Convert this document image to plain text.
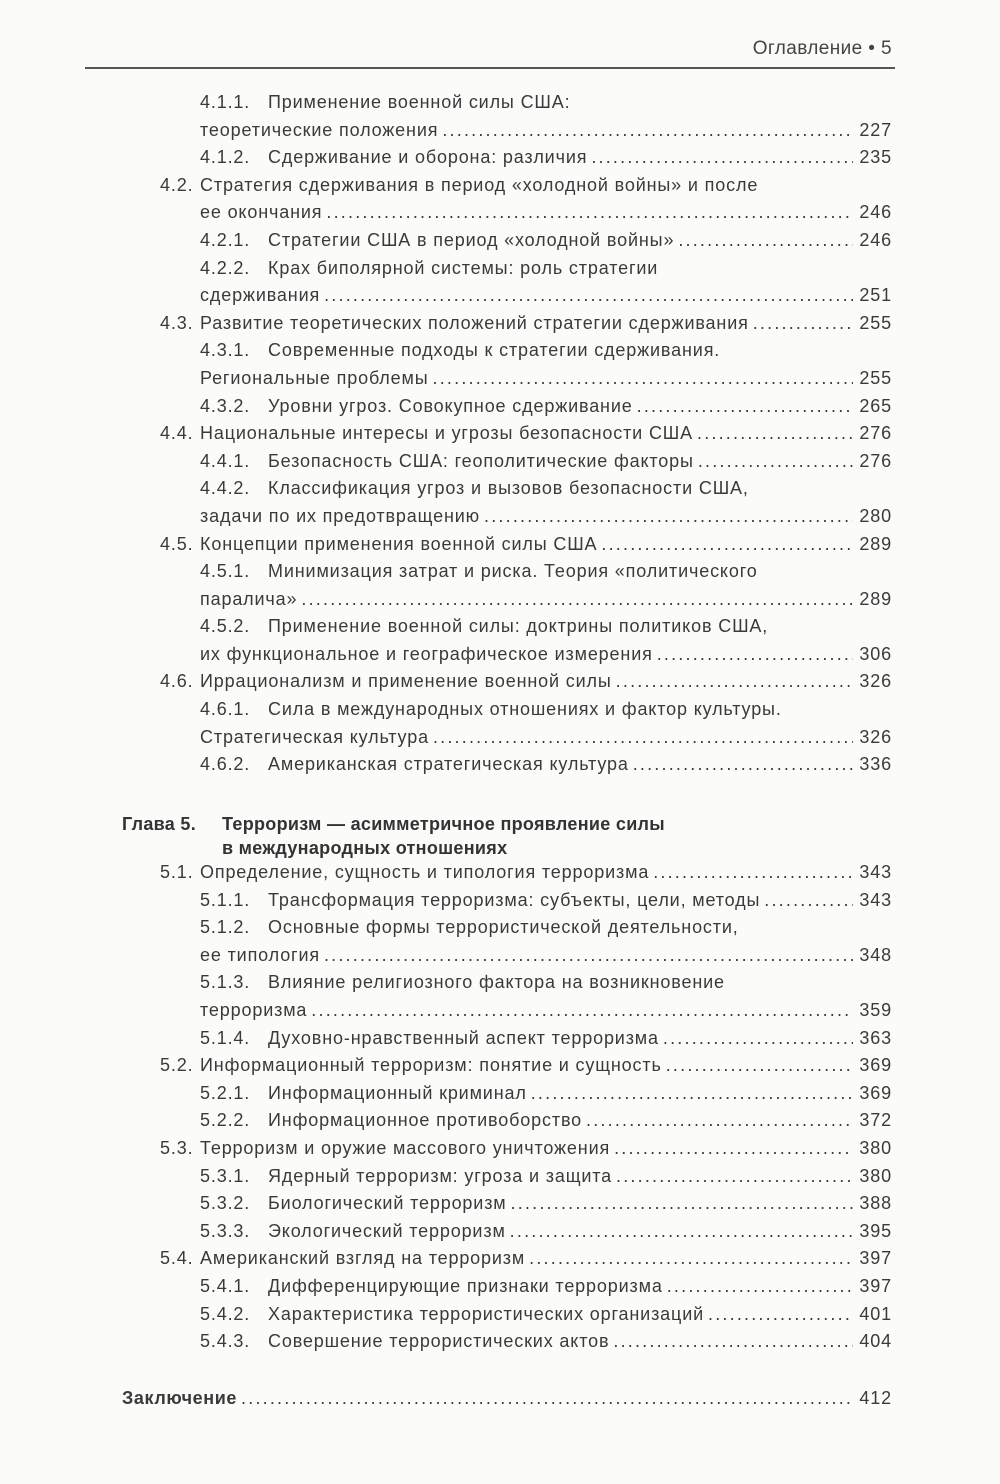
Оглавление • 5
4.1.1. Применение военной силы США:
теоретические положения .....	227
4.1.2. Сдерживание и оборона: различия .....	235
4.2. Стратегия сдерживания в период «холодной войны» и после
ее окончания .....	246
4.2.1. Стратегии США в период «холодной войны» .....	246
4.2.2. Крах биполярной системы: роль стратегии
сдерживания .....	251
4.3. Развитие теоретических положений стратегии сдерживания .....	255
4.3.1. Современные подходы к стратегии сдерживания.
Региональные проблемы .....	255
4.3.2. Уровни угроз. Совокупное сдерживание .....	265
4.4. Национальные интересы и угрозы безопасности США .....	276
4.4.1. Безопасность США: геополитические факторы .....	276
4.4.2. Классификация угроз и вызовов безопасности США,
задачи по их предотвращению .....	280
4.5. Концепции применения военной силы США .....	289
4.5.1. Минимизация затрат и риска. Теория «политического
паралича» .....	289
4.5.2. Применение военной силы: доктрины политиков США,
их функциональное и географическое измерения .....	306
4.6. Иррационализм и применение военной силы .....	326
4.6.1. Сила в международных отношениях и фактор культуры.
Стратегическая культура .....	326
4.6.2. Американская стратегическая культура .....	336
Глава 5. Терроризм — асимметричное проявление силы
в международных отношениях
5.1. Определение, сущность и типология терроризма .....	343
5.1.1. Трансформация терроризма: субъекты, цели, методы .....	343
5.1.2. Основные формы террористической деятельности,
ее типология .....	348
5.1.3. Влияние религиозного фактора на возникновение
терроризма .....	359
5.1.4. Духовно-нравственный аспект терроризма .....	363
5.2. Информационный терроризм: понятие и сущность .....	369
5.2.1. Информационный криминал .....	369
5.2.2. Информационное противоборство .....	372
5.3. Терроризм и оружие массового уничтожения .....	380
5.3.1. Ядерный терроризм: угроза и защита .....	380
5.3.2. Биологический терроризм .....	388
5.3.3. Экологический терроризм .....	395
5.4. Американский взгляд на терроризм .....	397
5.4.1. Дифференцирующие признаки терроризма .....	397
5.4.2. Характеристика террористических организаций .....	401
5.4.3. Совершение террористических актов .....	404
Заключение .....	412
